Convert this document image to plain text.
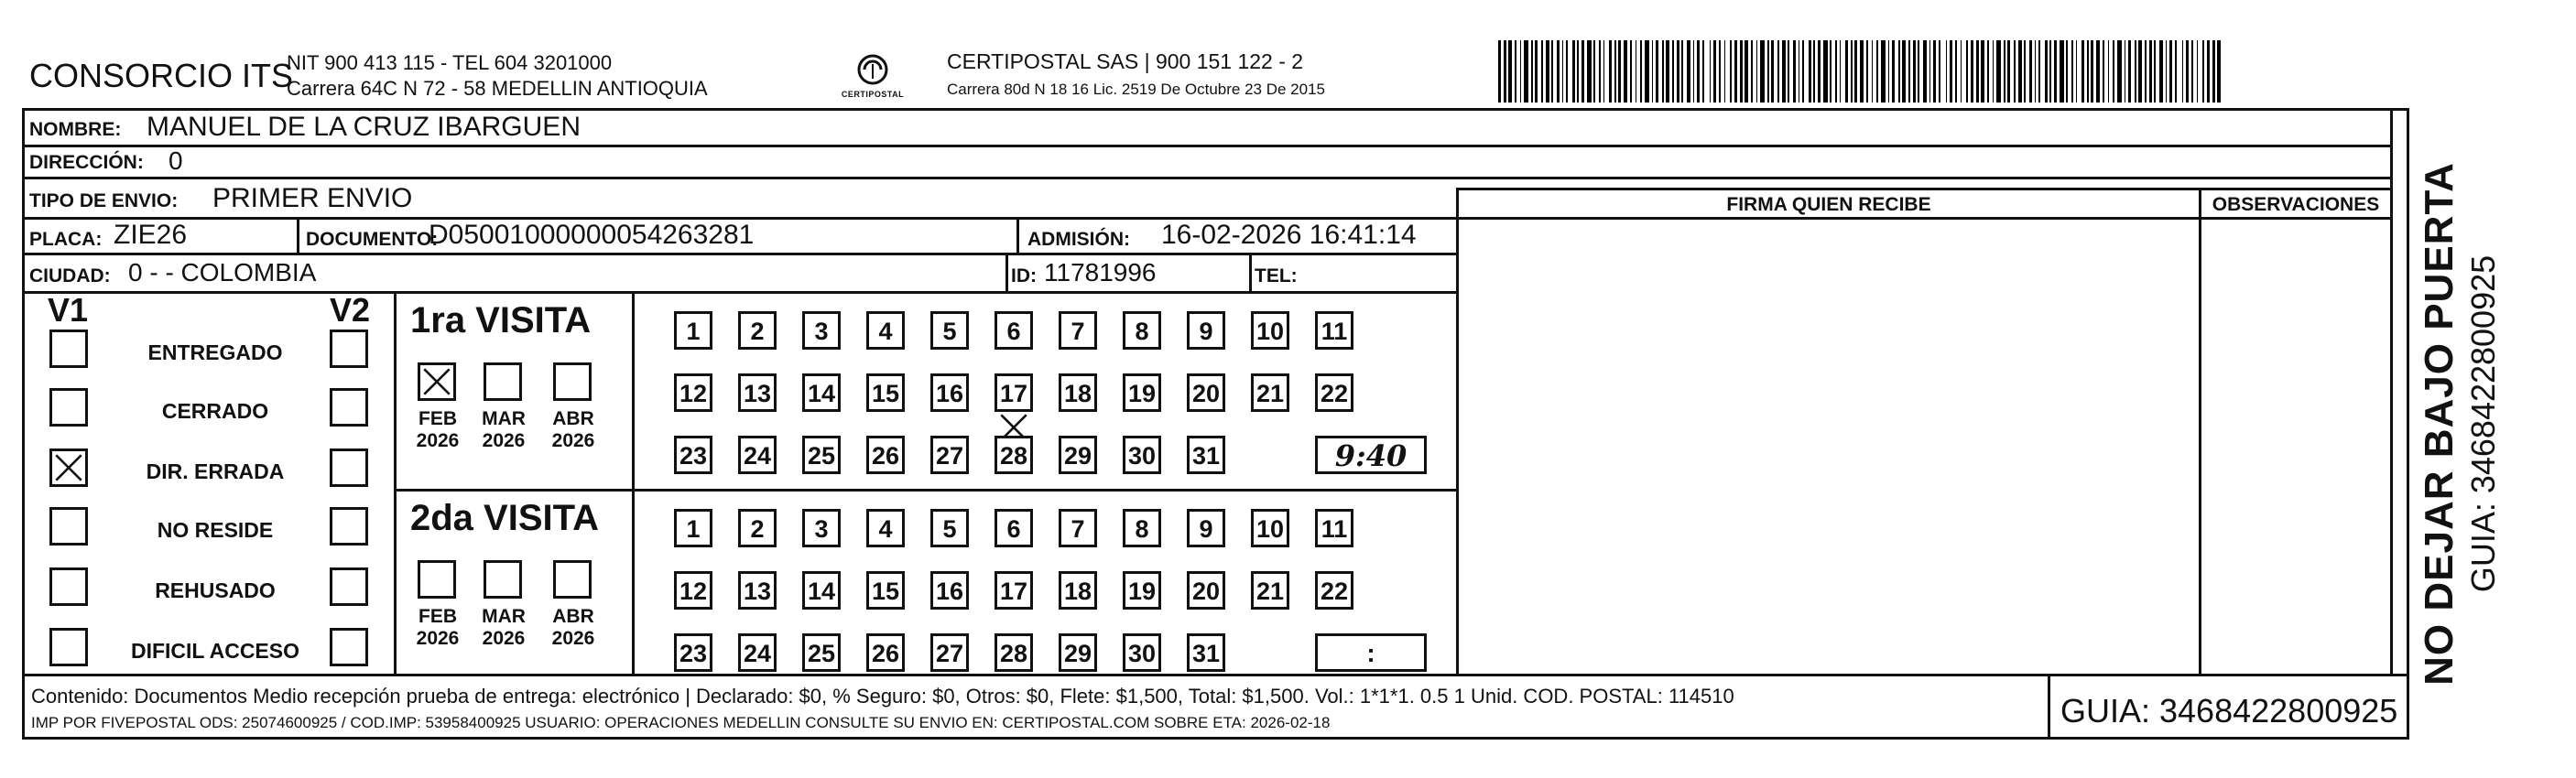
CONSORCIO ITS
NIT 900 413 115 - TEL 604 3201000
Carrera 64C N 72 - 58 MEDELLIN ANTIOQUIA	CERTIPOSTAL
CERTIPOSTAL SAS | 900 151 122 - 2
Carrera 80d N 18 16 Lic. 2519 De Octubre 23 De 2015
NOMBRE: MANUEL DE LA CRUZ IBARGUEN
DIRECCIÓN: 0
TIPO DE ENVIO: PRIMER ENVIO	FIRMA QUIEN RECIBE	OBSERVACIONES
PLACA: ZIE26	DOCUMENTO:
D05001000000054263281	ADMISIÓN: 16-02-2026 16:41:14
CIUDAD: 0 - - COLOMBIA	ID: 11781996	TEL:
V1	V2
ENTREGADO
CERRADO
DIR. ERRADA
NO RESIDE
REHUSADO
DIFICIL ACCESO
1ra VISITA
FEB
2026
MAR
2026
ABR
2026
1	2	3	4	5	6	7	8	9	10 11
12 13 14 15 16 17 18 19 20 21 22
23 24 25 26 27 28 29 30 31	9:40
2da VISITA
FEB
2026
MAR
2026
ABR
2026
1	2	3	4	5	6	7	8	9	10 11
12 13 14 15 16 17 18 19 20 21 22
23 24 25 26 27 28 29 30 31	:
Contenido: Documentos Medio recepción prueba de entrega: electrónico | Declarado: $0, % Seguro: $0, Otros: $0, Flete: $1,500, Total: $1,500. Vol.: 1*1*1. 0.5 1 Unid. COD. POSTAL: 114510
IMP POR FIVEPOSTAL ODS: 25074600925 / COD.IMP: 53958400925 USUARIO: OPERACIONES MEDELLIN CONSULTE SU ENVIO EN: CERTIPOSTAL.COM SOBRE ETA: 2026-02-18	GUIA: 3468422800925
NO DEJAR BAJO PUERTA GUIA: 3468422800925
